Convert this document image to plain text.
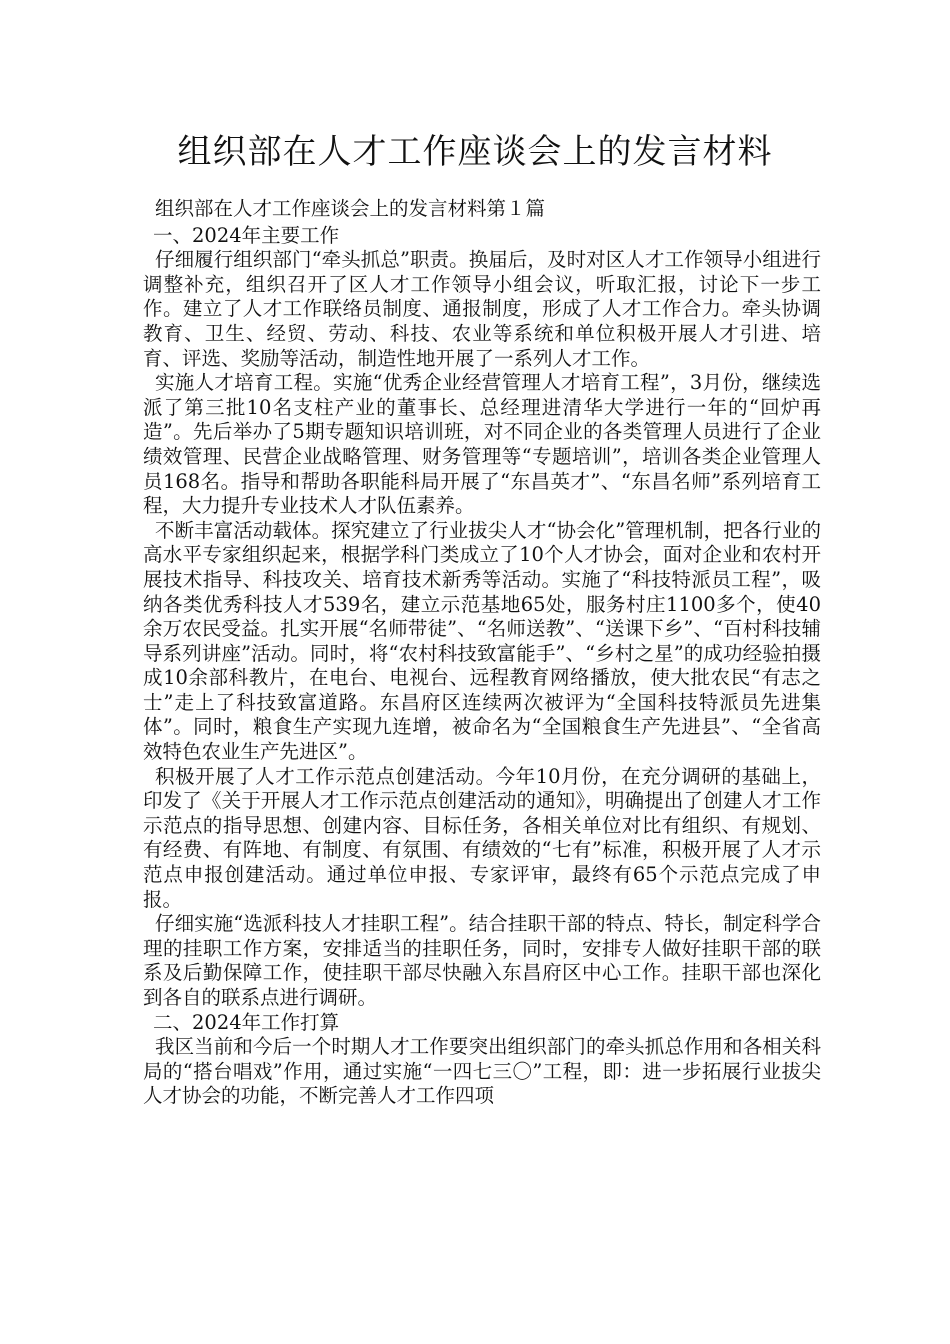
组织部在人才工作座谈会上的发言材料

组织部在人才工作座谈会上的发言材料第１篇

一、2024年主要工作

仔细履行组织部门“牵头抓总”职责。换届后，及时对区人才工作领导小组进行调整补充，组织召开了区人才工作领导小组会议，听取汇报，讨论下一步工作。建立了人才工作联络员制度、通报制度，形成了人才工作合力。牵头协调教育、卫生、经贸、劳动、科技、农业等系统和单位积极开展人才引进、培育、评选、奖励等活动，制造性地开展了一系列人才工作。

实施人才培育工程。实施“优秀企业经营管理人才培育工程”，3月份，继续选派了第三批10名支柱产业的董事长、总经理进清华大学进行一年的“回炉再造”。先后举办了5期专题知识培训班，对不同企业的各类管理人员进行了企业绩效管理、民营企业战略管理、财务管理等“专题培训”，培训各类企业管理人员168名。指导和帮助各职能科局开展了“东昌英才”、“东昌名师”系列培育工程，大力提升专业技术人才队伍素养。

不断丰富活动载体。探究建立了行业拔尖人才“协会化”管理机制，把各行业的高水平专家组织起来，根据学科门类成立了10个人才协会，面对企业和农村开展技术指导、科技攻关、培育技术新秀等活动。实施了“科技特派员工程”，吸纳各类优秀科技人才539名，建立示范基地65处，服务村庄1100多个，使40余万农民受益。扎实开展“名师带徒”、“名师送教”、“送课下乡”、“百村科技辅导系列讲座”活动。同时，将“农村科技致富能手”、“乡村之星”的成功经验拍摄成10余部科教片，在电台、电视台、远程教育网络播放，使大批农民“有志之士”走上了科技致富道路。东昌府区连续两次被评为“全国科技特派员先进集体”。同时，粮食生产实现九连增，被命名为“全国粮食生产先进县”、“全省高效特色农业生产先进区”。

积极开展了人才工作示范点创建活动。今年10月份，在充分调研的基础上，印发了《关于开展人才工作示范点创建活动的通知》，明确提出了创建人才工作示范点的指导思想、创建内容、目标任务，各相关单位对比有组织、有规划、有经费、有阵地、有制度、有氛围、有绩效的“七有”标准，积极开展了人才示范点申报创建活动。通过单位申报、专家评审，最终有65个示范点完成了申报。

仔细实施“选派科技人才挂职工程”。结合挂职干部的特点、特长，制定科学合理的挂职工作方案，安排适当的挂职任务，同时，安排专人做好挂职干部的联系及后勤保障工作，使挂职干部尽快融入东昌府区中心工作。挂职干部也深化到各自的联系点进行调研。

二、2024年工作打算

我区当前和今后一个时期人才工作要突出组织部门的牵头抓总作用和各相关科局的“搭台唱戏”作用，通过实施“一四七三〇”工程，即：进一步拓展行业拔尖人才协会的功能，不断完善人才工作四项
